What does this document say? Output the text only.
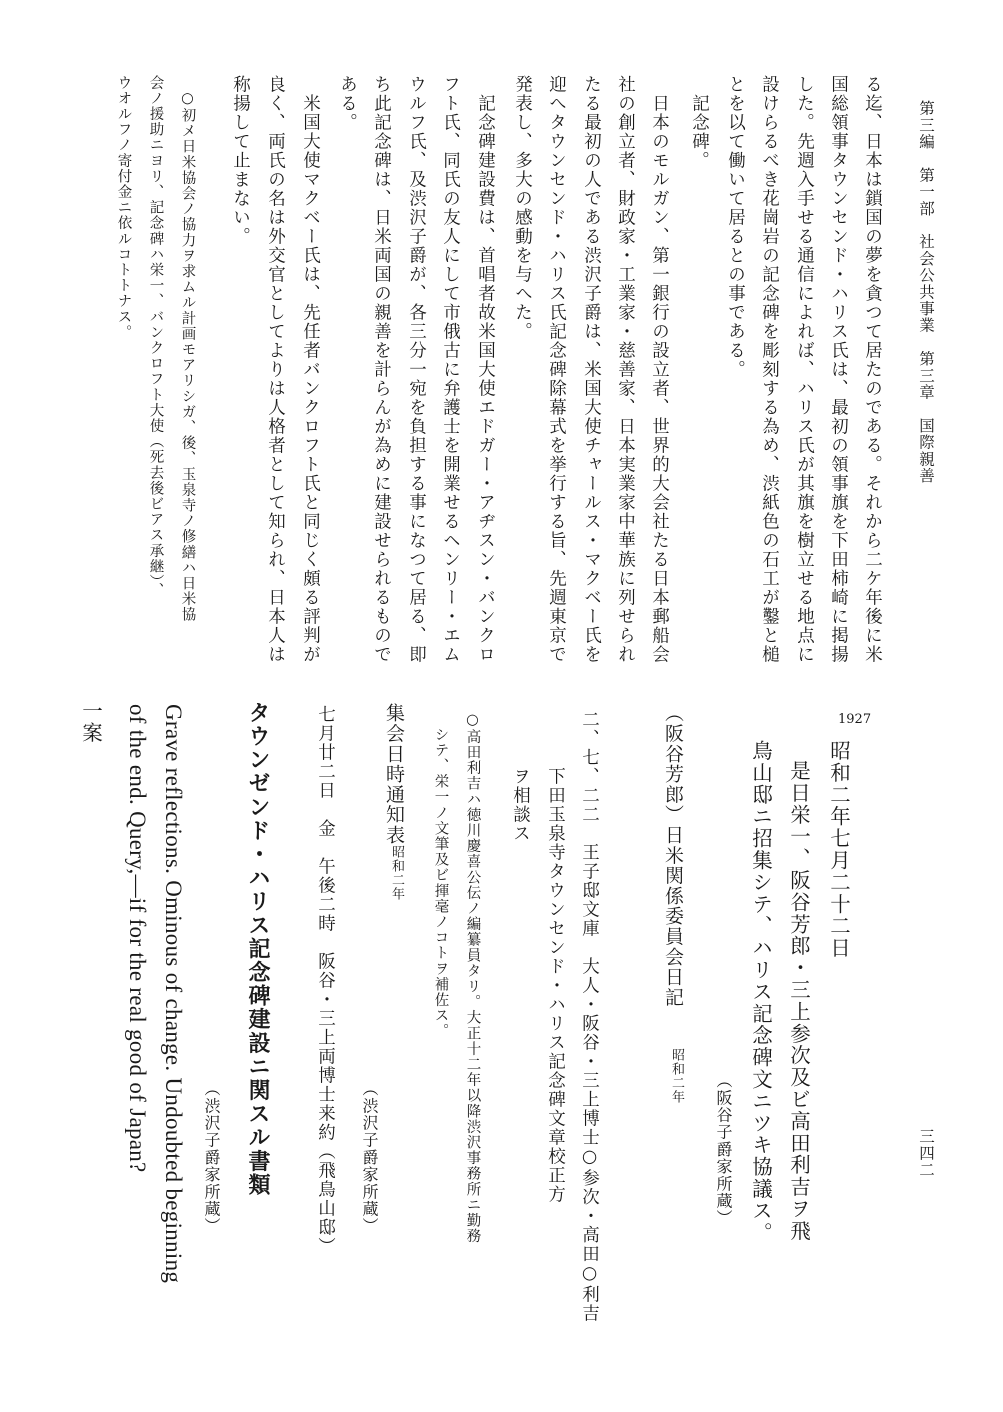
第三編　第一部　社会公共事業　第三章　国際親善
三四二
る迄、日本は鎖国の夢を貪つて居たのである。それから二ケ年後に米
国総領事タウンセンド・ハリス氏は、最初の領事旗を下田柿崎に掲揚
した。先週入手せる通信によれば、ハリス氏が其旗を樹立せる地点に
設けらるべき花崗岩の記念碑を彫刻する為め、渋紙色の石工が鑿と槌
とを以て働いて居るとの事である。
　記念碑。
　日本のモルガン、第一銀行の設立者、世界的大会社たる日本郵船会
社の創立者、財政家・工業家・慈善家、日本実業家中華族に列せられ
たる最初の人である渋沢子爵は、米国大使チャールス・マクベー氏を
迎へタウンセンド・ハリス氏記念碑除幕式を挙行する旨、先週東京で
発表し、多大の感動を与へた。
　記念碑建設費は、首唱者故米国大使エドガー・アヂスン・バンクロ
フト氏、同氏の友人にして市俄古に弁護士を開業せるヘンリー・エム
ウルフ氏、及渋沢子爵が、各三分一宛を負担する事になつて居る、即
ち此記念碑は、日米両国の親善を計らんが為めに建設せられるもので
ある。
　米国大使マクベー氏は、先任者バンクロフト氏と同じく頗る評判が
良く、両氏の名は外交官としてよりは人格者として知られ、日本人は
称揚して止まない。
　○初メ日米協会ノ協力ヲ求ムル計画モアリシガ、後、玉泉寺ノ修繕ハ日米協
会ノ援助ニヨリ、記念碑ハ栄一、バンクロフト大使（死去後ビアス承継）、
ウオルフノ寄付金ニ依ルコトトナス。
1927
昭和二年七月二十二日
是日栄一、阪谷芳郎・三上参次及ビ高田利吉ヲ飛
鳥山邸ニ招集シテ、ハリス記念碑文ニツキ協議ス。
（阪谷子爵家所蔵）
（阪谷芳郎）日米関係委員会日記
昭和二年
二、七、二二　王子邸文庫　大人・阪谷・三上博士○参次・高田○利吉
　　　下田玉泉寺タウンセンド・ハリス記念碑文章校正方
　　　ヲ相談ス
○高田利吉ハ徳川慶喜公伝ノ編纂員タリ。大正十二年以降渋沢事務所ニ勤務
シテ、栄一ノ文筆及ビ揮毫ノコトヲ補佐ス。
集会日時通知表
昭和二年
（渋沢子爵家所蔵）
七月廿二日　金　午後二時　阪谷・三上両博士来約（飛鳥山邸）
タウンゼンド・ハリス記念碑建設ニ関スル書類
（渋沢子爵家所蔵）
Grave reflections. Ominous of change. Undoubted beginning
of the end. Query,—if for the real good of Japan?
一案
